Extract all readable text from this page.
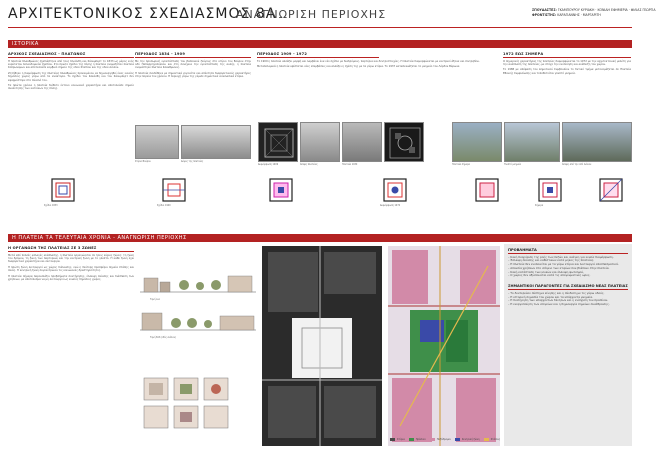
ΑΡΧΙΤΕΚΤΟΝΙΚΟΣ ΣΧΕΔΙΑΣΜΟΣ 8Α
ΑΝΑΓΝΩΡΙΣΗ ΠΕΡΙΟΧΗΣ	ΣΠΟΥΔΑΣΤΕΣ: ΓΚΑΜΠΟΥΡΟΥ ΚΥΡΙΑΚΗ · ΚΟΝΙΔΗ ΕΦΗΜΕΡΙΑ · ΦΙΛΙΑΣ ΓΕΩΡΓΙΑ
ΦΡΟΝΤΙΣΤΗΣ: ΚΑΡΑΓΙΑΝΝΗΣ · ΜΑΡΓΑΡΙΤΗ
ΙΣΤΟΡΙΚΑ
ΑΡΧΙΚΟΣ ΣΧΕΔΙΑΣΜΟΣ - ΠΛΑΤΩΝΟΣ

Η πλατεία Κλαυθμώνος σχεδιάστηκε από τους Κλεάνθη και Σάουμπερτ το 1833 ως μέρος ενός ευρύτατου πολεοδομικού σχεδίου. Στο πρώτο σχέδιο της πόλης η πλατεία ονομαζόταν πλατεία Κοπρωνύμων και αποτελούσε κομβικό σημείο της οδού Σταδίου και της οδού Αιόλου.

Ζητήθηκε η διαμόρφωση της πλατείας Κλαυθμώνος προκειμένου να δημιουργηθεί ένας ενιαίος δημόσιος χώρος γύρω από τα ανάκτορα. Το σχέδιο του Κλεάνθη και του Σάουμπερτ δεν εφαρμόστηκε στο σύνολό του.

Τα πρώτα χρόνια η πλατεία διέθετε έντονο κοινωνικό χαρακτήρα και αποτελούσε σημείο συνάντησης των κατοίκων της πόλης.

ΠΕΡΙΟΔΟΣ 1834 - 1909

Με την προσωρινή εγκατάσταση του βασιλικού ζεύγους στο κτίριο του Βούρου στην οδό Παπαρρηγοπούλου και στη συνέχεια την εγκατάσταση της αυλής, η πλατεία ονομάστηκε πλατεία Κλαυθμώνος.

Η πλατεία συνδέθηκε με σημαντικά γεγονότα και απέκτησε διαφορετικούς χαρακτήρες στην πορεία του χρόνου. Η περιοχή γύρω της γέμισε σημαντικά νεοκλασικά κτίρια.

Κτίριο Βούρου	Δόμος της πλατείας
ΠΕΡΙΟΔΟΣ 1909 - 1972

Το 1909 η πλατεία αλλάζει μορφή και λαμβάνει ένα νέο σχέδιο με διαδρόμους, παρτέρια και δεντροστοιχίες. Η πλατεία διαμορφώνεται με κεντρικό άξονα και σιντριβάνι.

Μεταπολεμικά η πλατεία υφίσταται νέες επεμβάσεις και αλλάζει η σχέση της με τα γύρω κτίρια. Το 1937 κατασκευάζεται το μνημείο του Λόρδου Βύρωνα.

Διαμόρφωση 1909	Άποψη πλατείας	Πλατεία 1930
1972 ΕΩΣ ΣΗΜΕΡΑ

Ο σημερινός χαρακτήρας της πλατείας διαμορφώνεται το 1972 με την αρχιτεκτονική μελέτη για την ανάπλαση της πλατείας, με στόχο την ενοποίηση και ανάδειξη του χώρου.

Το 1988 με απόφαση του Δημοτικού Συμβουλίου το δυτικό τμήμα μετονομάζεται σε Πλατεία Εθνικής Συμφιλίωσης και τοποθετείται γλυπτό μνημείο.

Πλατεία σήμερα	Γλυπτό μνημείο	Άποψη από την οδό Αιόλου
Σχέδιο 1833	Σχέδιο 1909	Διαμόρφωση 1972	Σήμερα
Η ΠΛΑΤΕΙΑ ΤΑ ΤΕΛΕΥΤΑΙΑ ΧΡΟΝΙΑ - ΑΝΑΓΝΩΡΙΣΗ ΠΕΡΙΟΧΗΣ
Η ΟΡΓΑΝΩΣΗ ΤΗΣ ΠΛΑΤΕΙΑΣ ΣΕ 3 ΖΩΝΕΣ

Μετά από πολλές αλλαγές ανάπλασης, η πλατεία οργανώνεται σε τρεις κύριες ζώνες: τη ζώνη του δρόμου, τη ζώνη των παρτεριών και την κεντρική ζώνη με το γλυπτό. Η κάθε ζώνη έχει διαφορετικό χαρακτήρα και λειτουργία.

Η πρώτη ζώνη λειτουργεί ως χώρος διέλευσης, ενώ η δεύτερη προσφέρει σημεία στάσης και σκιάς. Η κεντρική ζώνη συγκεντρώνει τις κοινωνικές δραστηριότητες.

Η πλατεία σήμερα παρουσιάζει προβλήματα συντήρησης, έλλειψη σκίασης και διάσπαση των χρήσεων, με αποτέλεσμα να μη λειτουργεί ως ενιαίος δημόσιος χώρος.

Τομή Α-Α
Τομή Β-Β (οδός Αιόλου)
ΠΡΟΒΛΗΜΑΤΑ
– Κακή διαχείριση της ροής των πεζών και ανάγκη για ενιαία διαμόρφωση.
– Έλλειψη σκίασης και καθιστικών κατά μήκος της πλατείας.
– Η πλατεία δεν ενοποιείται με τα γύρω κτίρια και λειτουργεί αποσπασματικά.
– Απουσία χρήσεων στο ισόγειο των κτιρίων που βλέπουν στην πλατεία.
– Κακή κατάσταση των υλικών και έλλειψη φωτισμού.
– Ο χώρος δεν αξιοποιείται κατά τις απογευματινές ώρες.
ΣΗΜΑΝΤΙΚΟΙ ΠΑΡΑΓΟΝΤΕΣ ΓΙΑ ΣΧΕΔΙΑΣΜΟ ΝΕΑΣ ΠΛΑΤΕΙΑΣ
– Το δευτερεύον σύστημα κίνησης και η σύνδεση με τις γύρω οδούς.
– Η ιστορική σημασία του χώρου και τα υπάρχοντα μνημεία.
– Η διατήρηση των υπαρχόντων δέντρων και η ενίσχυση του πρασίνου.
– Η ενεργοποίηση των ισογείων και η δημιουργία σημείων συνάθροισης.
Κτίρια	Πράσινο	Πεζόδρομοι	Κεντρική ζώνη	Στάσεις
